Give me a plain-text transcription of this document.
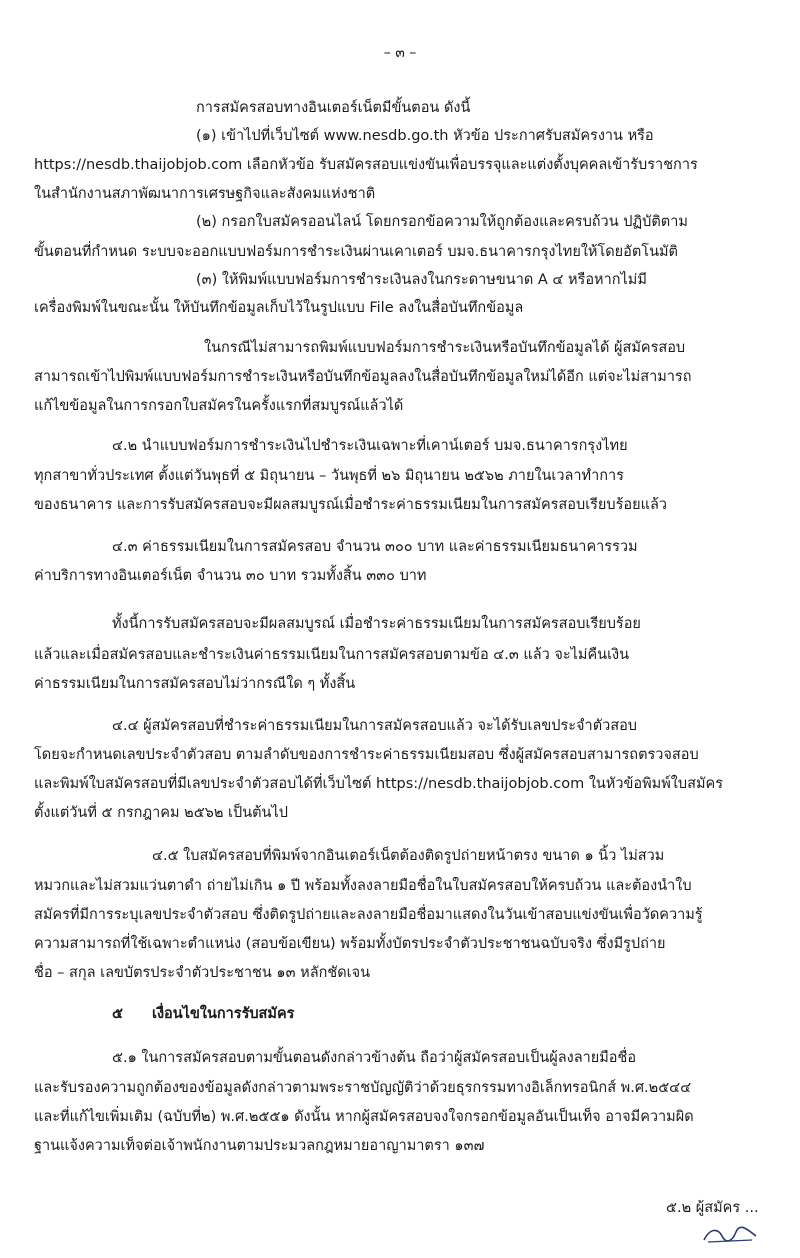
– ๓ –
การสมัครสอบทางอินเตอร์เน็ตมีขั้นตอน ดังนี้
(๑) เข้าไปที่เว็บไซต์ www.nesdb.go.th หัวข้อ ประกาศรับสมัครงาน หรือ
https://nesdb.thaijobjob.com เลือกหัวข้อ รับสมัครสอบแข่งขันเพื่อบรรจุและแต่งตั้งบุคคลเข้ารับราชการ
ในสำนักงานสภาพัฒนาการเศรษฐกิจและสังคมแห่งชาติ
(๒) กรอกใบสมัครออนไลน์ โดยกรอกข้อความให้ถูกต้องและครบถ้วน ปฏิบัติตาม
ขั้นตอนที่กำหนด ระบบจะออกแบบฟอร์มการชำระเงินผ่านเคาเตอร์ บมจ.ธนาคารกรุงไทยให้โดยอัตโนมัติ
(๓) ให้พิมพ์แบบฟอร์มการชำระเงินลงในกระดาษขนาด A ๔ หรือหากไม่มี
เครื่องพิมพ์ในขณะนั้น ให้บันทึกข้อมูลเก็บไว้ในรูปแบบ File ลงในสื่อบันทึกข้อมูล
ในกรณีไม่สามารถพิมพ์แบบฟอร์มการชำระเงินหรือบันทึกข้อมูลได้ ผู้สมัครสอบ
สามารถเข้าไปพิมพ์แบบฟอร์มการชำระเงินหรือบันทึกข้อมูลลงในสื่อบันทึกข้อมูลใหม่ได้อีก แต่จะไม่สามารถ
แก้ไขข้อมูลในการกรอกใบสมัครในครั้งแรกที่สมบูรณ์แล้วได้
๔.๒ นำแบบฟอร์มการชำระเงินไปชำระเงินเฉพาะที่เคาน์เตอร์ บมจ.ธนาคารกรุงไทย
ทุกสาขาทั่วประเทศ ตั้งแต่วันพุธที่ ๕ มิถุนายน – วันพุธที่ ๒๖ มิถุนายน ๒๕๖๒ ภายในเวลาทำการ
ของธนาคาร และการรับสมัครสอบจะมีผลสมบูรณ์เมื่อชำระค่าธรรมเนียมในการสมัครสอบเรียบร้อยแล้ว
๔.๓ ค่าธรรมเนียมในการสมัครสอบ จำนวน ๓๐๐ บาท และค่าธรรมเนียมธนาคารรวม
ค่าบริการทางอินเตอร์เน็ต จำนวน ๓๐ บาท รวมทั้งสิ้น ๓๓๐ บาท
ทั้งนี้การรับสมัครสอบจะมีผลสมบูรณ์ เมื่อชำระค่าธรรมเนียมในการสมัครสอบเรียบร้อย
แล้วและเมื่อสมัครสอบและชำระเงินค่าธรรมเนียมในการสมัครสอบตามข้อ ๔.๓ แล้ว จะไม่คืนเงิน
ค่าธรรมเนียมในการสมัครสอบไม่ว่ากรณีใด ๆ ทั้งสิ้น
๔.๔ ผู้สมัครสอบที่ชำระค่าธรรมเนียมในการสมัครสอบแล้ว จะได้รับเลขประจำตัวสอบ
โดยจะกำหนดเลขประจำตัวสอบ ตามลำดับของการชำระค่าธรรมเนียมสอบ ซึ่งผู้สมัครสอบสามารถตรวจสอบ
และพิมพ์ใบสมัครสอบที่มีเลขประจำตัวสอบได้ที่เว็บไซต์ https://nesdb.thaijobjob.com ในหัวข้อพิมพ์ใบสมัคร
ตั้งแต่วันที่ ๕ กรกฎาคม ๒๕๖๒ เป็นต้นไป
๔.๕ ใบสมัครสอบที่พิมพ์จากอินเตอร์เน็ตต้องติดรูปถ่ายหน้าตรง ขนาด ๑ นิ้ว ไม่สวม
หมวกและไม่สวมแว่นตาดำ ถ่ายไม่เกิน ๑ ปี พร้อมทั้งลงลายมือชื่อในใบสมัครสอบให้ครบถ้วน และต้องนำใบ
สมัครที่มีการระบุเลขประจำตัวสอบ ซึ่งติดรูปถ่ายและลงลายมือชื่อมาแสดงในวันเข้าสอบแข่งขันเพื่อวัดความรู้
ความสามารถที่ใช้เฉพาะตำแหน่ง (สอบข้อเขียน) พร้อมทั้งบัตรประจำตัวประชาชนฉบับจริง ซึ่งมีรูปถ่าย
ชื่อ – สกุล เลขบัตรประจำตัวประชาชน ๑๓ หลักชัดเจน
๕ เงื่อนไขในการรับสมัคร
๕.๑ ในการสมัครสอบตามขั้นตอนดังกล่าวข้างต้น ถือว่าผู้สมัครสอบเป็นผู้ลงลายมือชื่อ
และรับรองความถูกต้องของข้อมูลดังกล่าวตามพระราชบัญญัติว่าด้วยธุรกรรมทางอิเล็กทรอนิกส์ พ.ศ.๒๕๔๔
และที่แก้ไขเพิ่มเติม (ฉบับที่๒) พ.ศ.๒๕๕๑ ดังนั้น หากผู้สมัครสอบจงใจกรอกข้อมูลอันเป็นเท็จ อาจมีความผิด
ฐานแจ้งความเท็จต่อเจ้าพนักงานตามประมวลกฎหมายอาญามาตรา ๑๓๗
๕.๒ ผู้สมัคร ...
